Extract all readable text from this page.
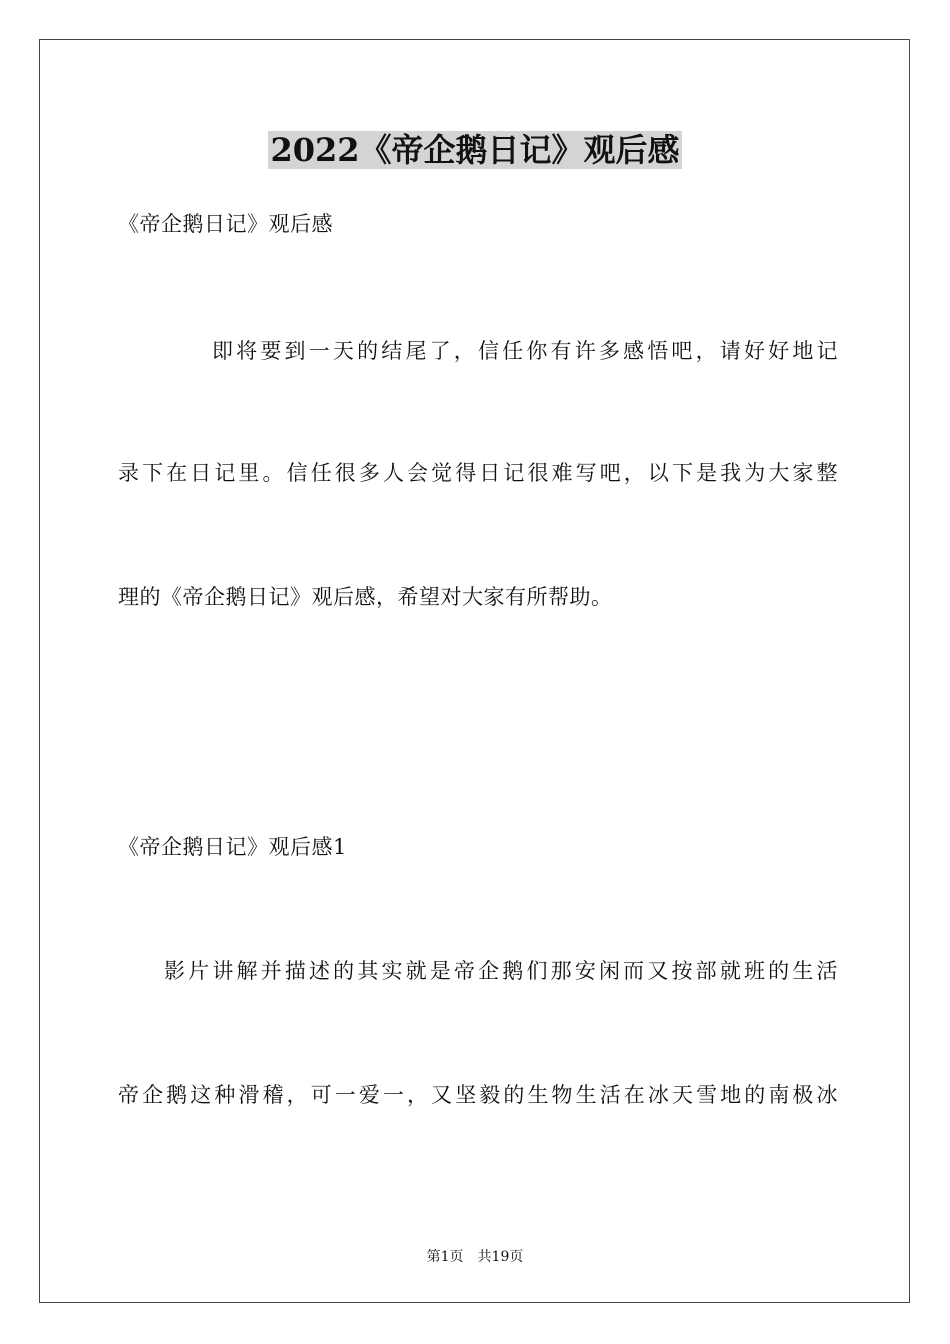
2022《帝企鹅日记》观后感
《帝企鹅日记》观后感
即将要到一天的结尾了，信任你有许多感悟吧，请好好地记
录下在日记里。信任很多人会觉得日记很难写吧，以下是我为大家整
理的《帝企鹅日记》观后感，希望对大家有所帮助。
《帝企鹅日记》观后感1
影片讲解并描述的其实就是帝企鹅们那安闲而又按部就班的生活
帝企鹅这种滑稽，可一爱一，又坚毅的生物生活在冰天雪地的南极冰
第1页 共19页
